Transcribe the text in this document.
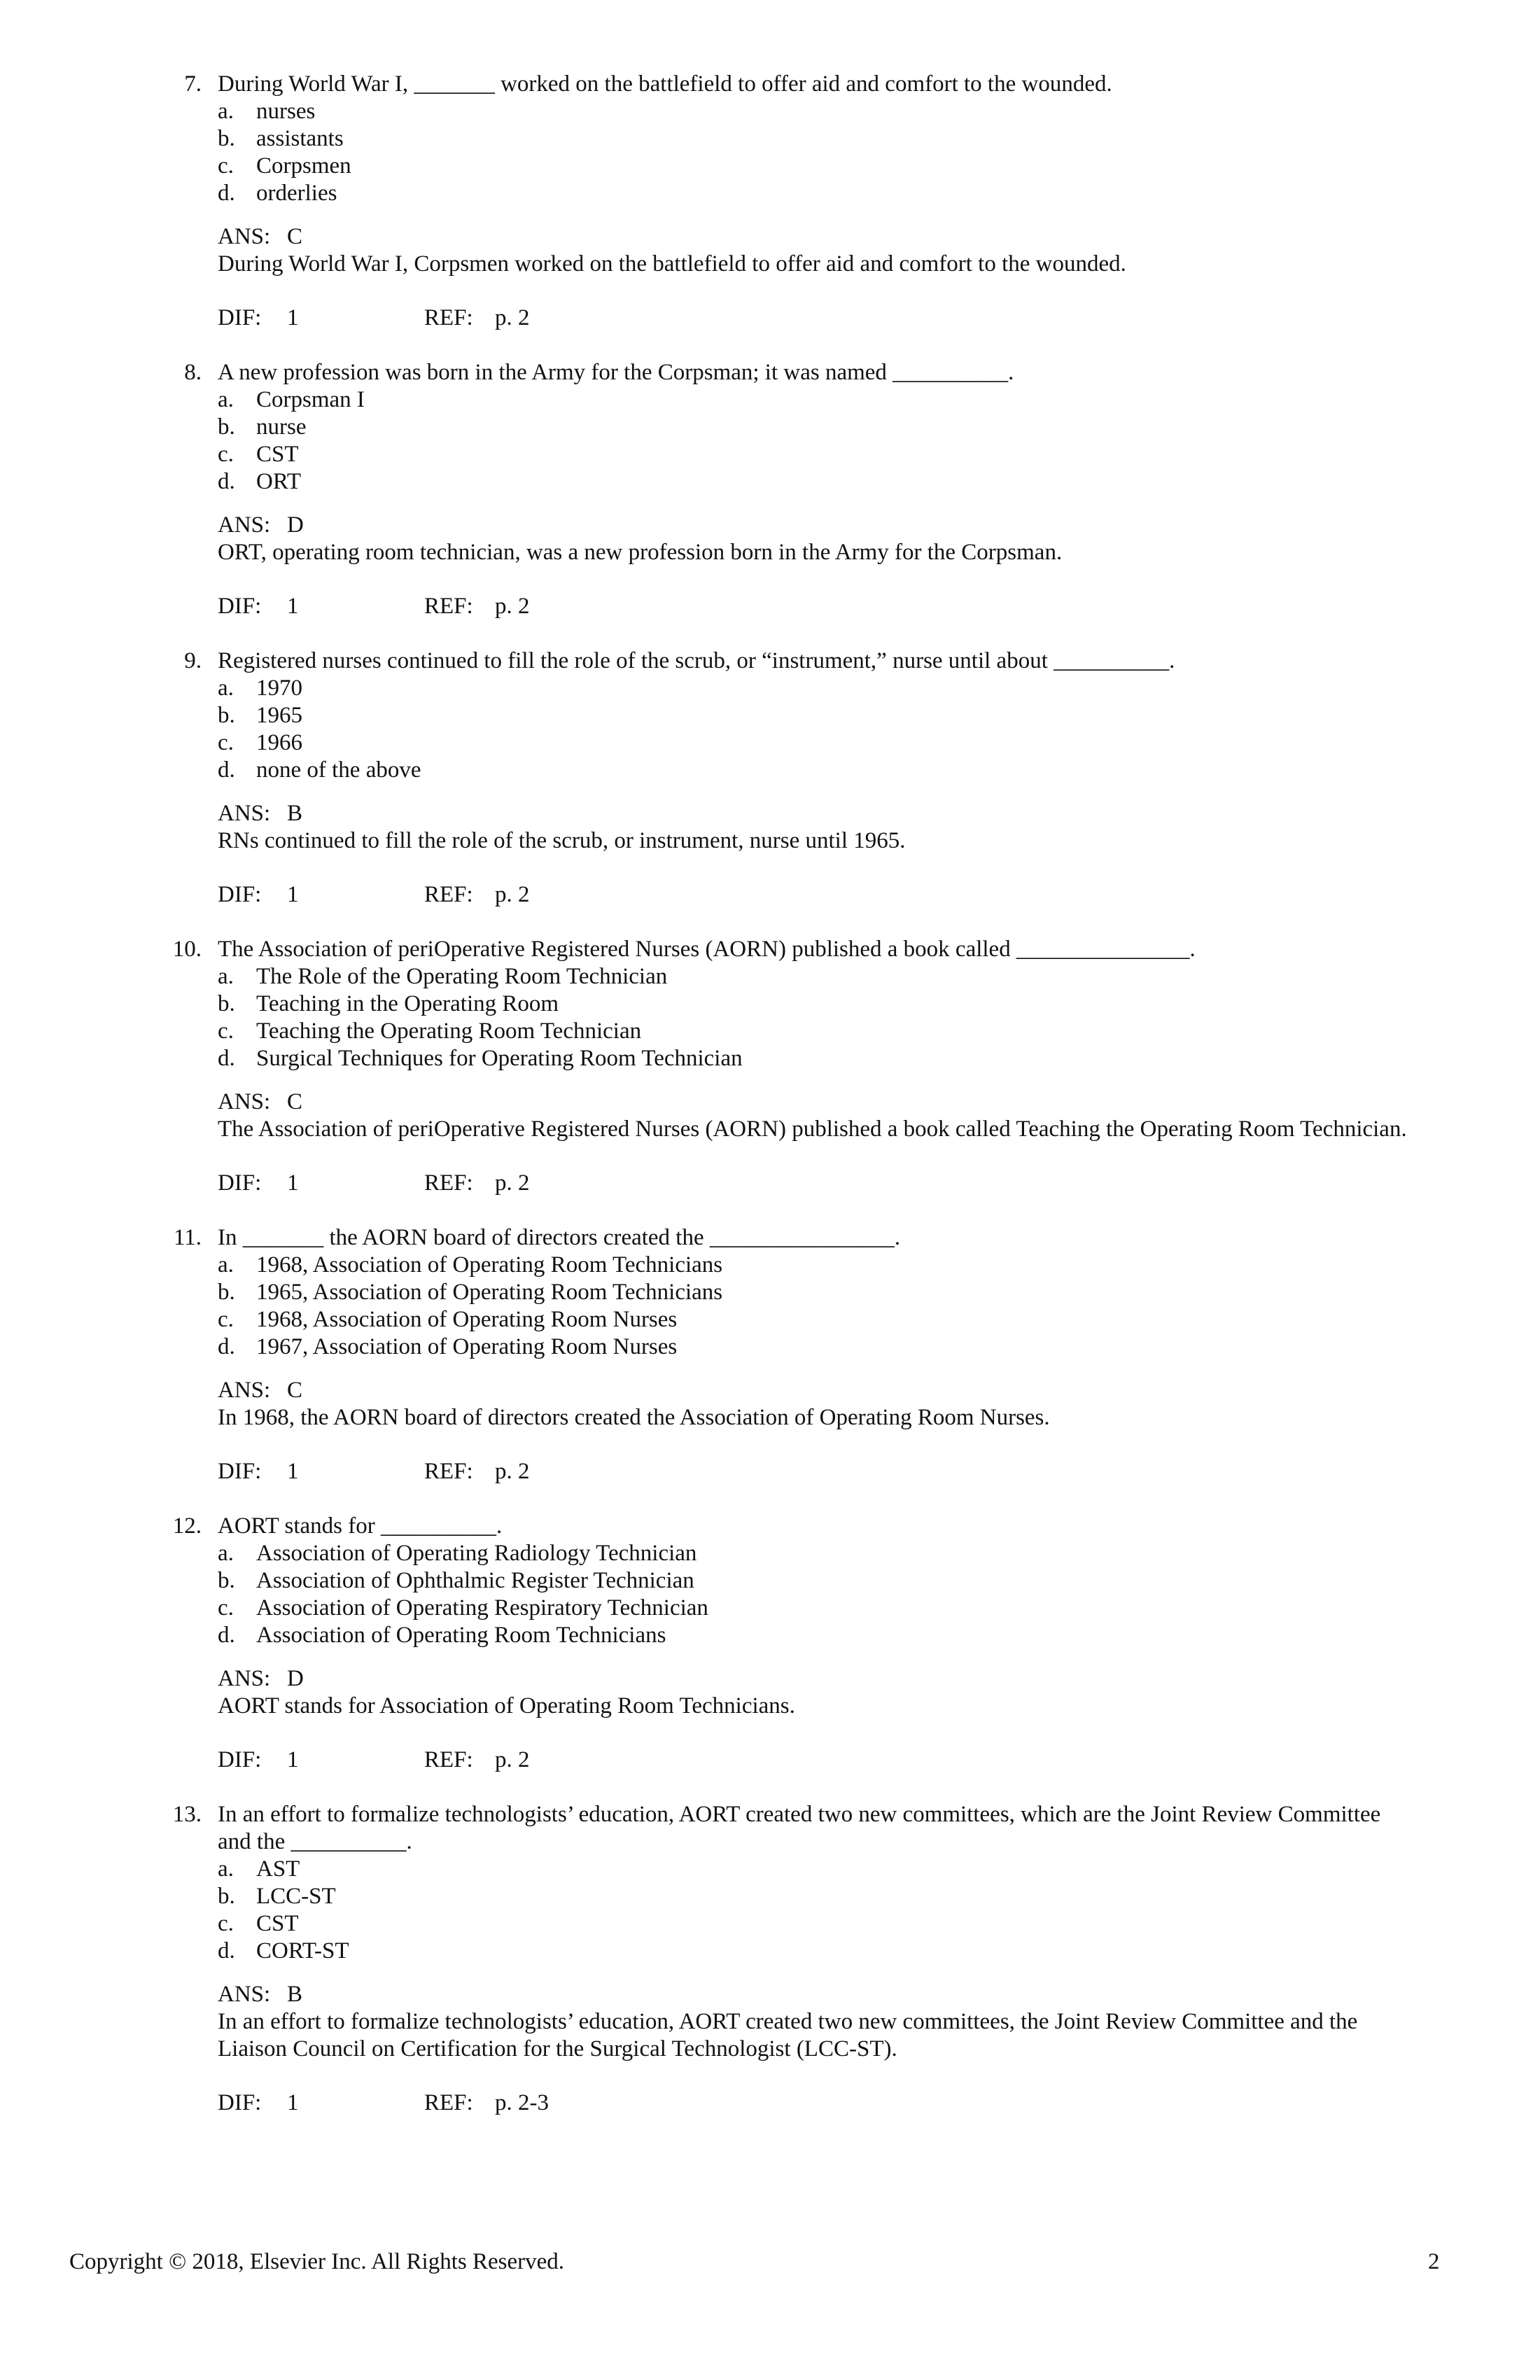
7. During World War I, _______ worked on the battlefield to offer aid and comfort to the wounded.
a. nurses
b. assistants
c. Corpsmen
d. orderlies
ANS: C
During World War I, Corpsmen worked on the battlefield to offer aid and comfort to the wounded.
DIF: 1	REF: p. 2
8. A new profession was born in the Army for the Corpsman; it was named __________.
a. Corpsman I
b. nurse
c. CST
d. ORT
ANS: D
ORT, operating room technician, was a new profession born in the Army for the Corpsman.
DIF: 1	REF: p. 2
9. Registered nurses continued to fill the role of the scrub, or “instrument,” nurse until about __________.
a. 1970
b. 1965
c. 1966
d. none of the above
ANS: B
RNs continued to fill the role of the scrub, or instrument, nurse until 1965.
DIF: 1	REF: p. 2
10. The Association of periOperative Registered Nurses (AORN) published a book called _______________.
a. The Role of the Operating Room Technician
b. Teaching in the Operating Room
c. Teaching the Operating Room Technician
d. Surgical Techniques for Operating Room Technician
ANS: C
The Association of periOperative Registered Nurses (AORN) published a book called Teaching the Operating Room Technician.
DIF: 1	REF: p. 2
11. In _______ the AORN board of directors created the ________________.
a. 1968, Association of Operating Room Technicians
b. 1965, Association of Operating Room Technicians
c. 1968, Association of Operating Room Nurses
d. 1967, Association of Operating Room Nurses
ANS: C
In 1968, the AORN board of directors created the Association of Operating Room Nurses.
DIF: 1	REF: p. 2
12. AORT stands for __________.
a. Association of Operating Radiology Technician
b. Association of Ophthalmic Register Technician
c. Association of Operating Respiratory Technician
d. Association of Operating Room Technicians
ANS: D
AORT stands for Association of Operating Room Technicians.
DIF: 1	REF: p. 2
13. In an effort to formalize technologists’ education, AORT created two new committees, which are the Joint Review Committee
and the __________.
a. AST
b. LCC-ST
c. CST
d. CORT-ST
ANS: B
In an effort to formalize technologists’ education, AORT created two new committees, the Joint Review Committee and the
Liaison Council on Certification for the Surgical Technologist (LCC-ST).
DIF: 1	REF: p. 2-3
Copyright © 2018, Elsevier Inc. All Rights Reserved.	2
